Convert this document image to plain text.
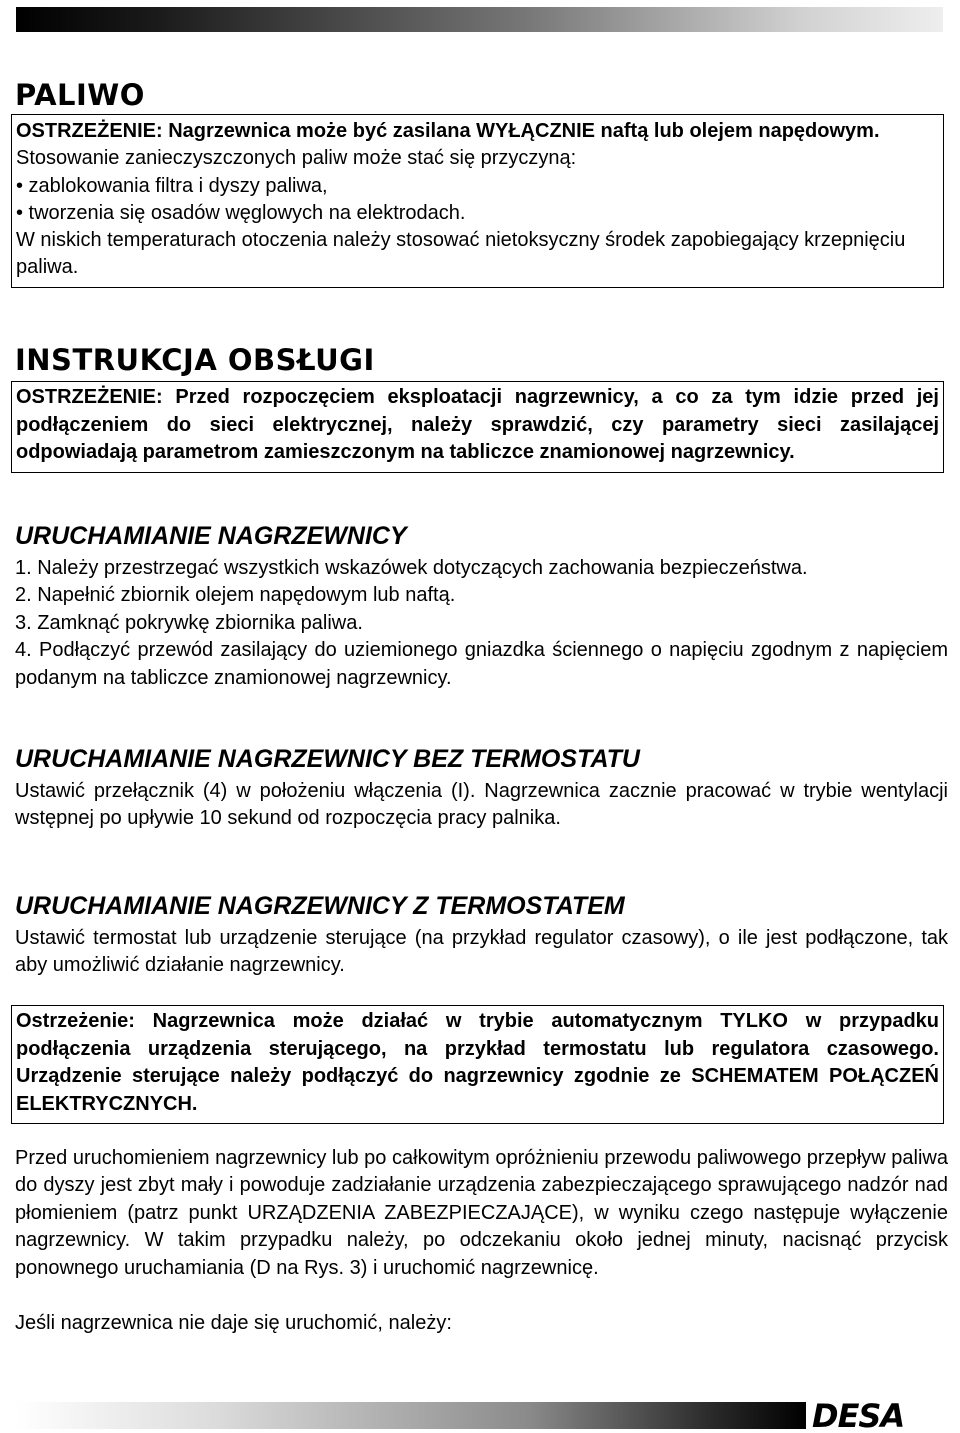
PALIWO

OSTRZEŻENIE: Nagrzewnica może być zasilana WYŁĄCZNIE naftą lub olejem napędowym.

Stosowanie zanieczyszczonych paliw może stać się przyczyną:

• zablokowania filtra i dyszy paliwa,

• tworzenia się osadów węglowych na elektrodach.

W niskich temperaturach otoczenia należy stosować nietoksyczny środek zapobiegający krzepnięciu paliwa.

INSTRUKCJA OBSŁUGI

OSTRZEŻENIE: Przed rozpoczęciem eksploatacji nagrzewnicy, a co za tym idzie przed jej podłączeniem do sieci elektrycznej, należy sprawdzić, czy parametry sieci zasilającej odpowiadają parametrom zamieszczonym na tabliczce znamionowej nagrzewnicy.

URUCHAMIANIE NAGRZEWNICY

1. Należy przestrzegać wszystkich wskazówek dotyczących zachowania bezpieczeństwa.

2. Napełnić zbiornik olejem napędowym lub naftą.

3. Zamknąć pokrywkę zbiornika paliwa.

4. Podłączyć przewód zasilający do uziemionego gniazdka ściennego o napięciu zgodnym z napięciem podanym na tabliczce znamionowej nagrzewnicy.

URUCHAMIANIE NAGRZEWNICY BEZ TERMOSTATU

Ustawić przełącznik (4) w położeniu włączenia (I). Nagrzewnica zacznie pracować w trybie wentylacji wstępnej po upływie 10 sekund od rozpoczęcia pracy palnika.

URUCHAMIANIE NAGRZEWNICY Z TERMOSTATEM

Ustawić termostat lub urządzenie sterujące (na przykład regulator czasowy), o ile jest podłączone, tak aby umożliwić działanie nagrzewnicy.

Ostrzeżenie: Nagrzewnica może działać w trybie automatycznym TYLKO w przypadku podłączenia urządzenia sterującego, na przykład termostatu lub regulatora czasowego. Urządzenie sterujące należy podłączyć do nagrzewnicy zgodnie ze SCHEMATEM POŁĄCZEŃ ELEKTRYCZNYCH.

Przed uruchomieniem nagrzewnicy lub po całkowitym opróżnieniu przewodu paliwowego przepływ paliwa do dyszy jest zbyt mały i powoduje zadziałanie urządzenia zabezpieczającego sprawującego nadzór nad płomieniem (patrz punkt URZĄDZENIA ZABEZPIECZAJĄCE), w wyniku czego następuje wyłączenie nagrzewnicy. W takim przypadku należy, po odczekaniu około jednej minuty, nacisnąć przycisk ponownego uruchamiania (D na Rys. 3) i uruchomić nagrzewnicę.

Jeśli nagrzewnica nie daje się uruchomić, należy:

DESA
